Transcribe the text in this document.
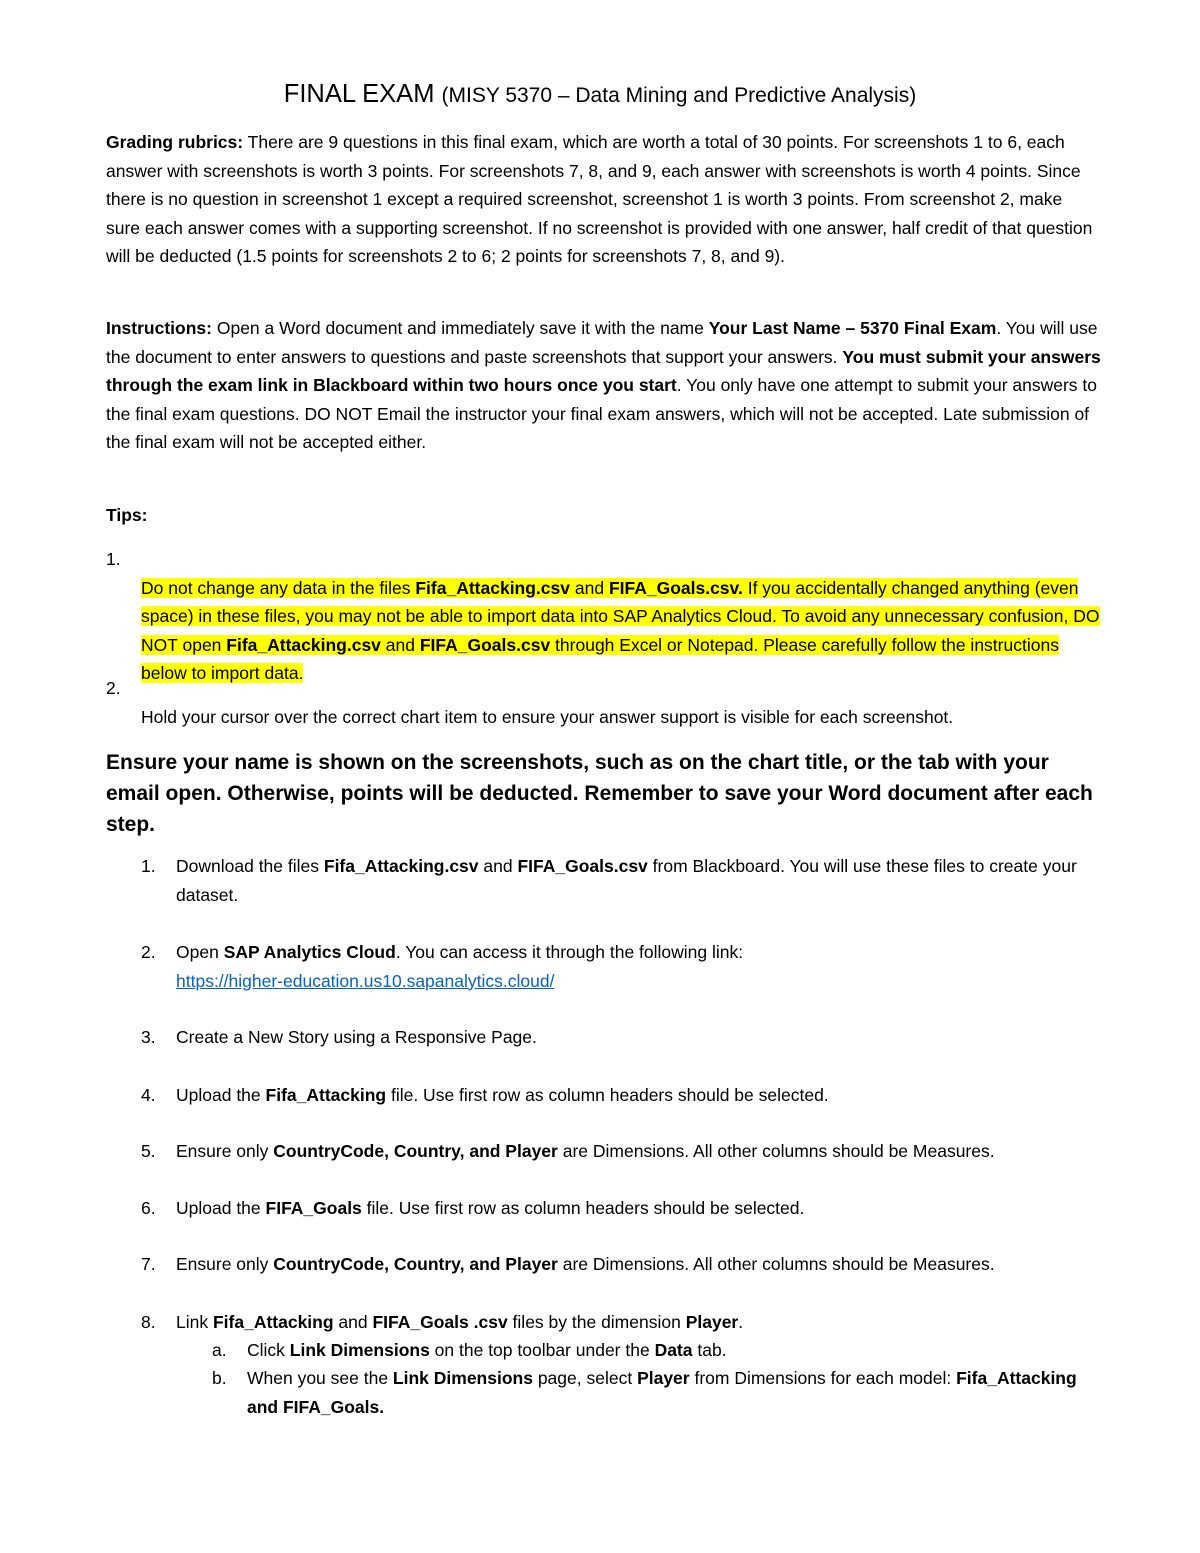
FINAL EXAM (MISY 5370 – Data Mining and Predictive Analysis)
Grading rubrics: There are 9 questions in this final exam, which are worth a total of 30 points. For screenshots 1 to 6, each answer with screenshots is worth 3 points. For screenshots 7, 8, and 9, each answer with screenshots is worth 4 points. Since there is no question in screenshot 1 except a required screenshot, screenshot 1 is worth 3 points. From screenshot 2, make sure each answer comes with a supporting screenshot. If no screenshot is provided with one answer, half credit of that question will be deducted (1.5 points for screenshots 2 to 6; 2 points for screenshots 7, 8, and 9).
Instructions: Open a Word document and immediately save it with the name Your Last Name – 5370 Final Exam. You will use the document to enter answers to questions and paste screenshots that support your answers. You must submit your answers through the exam link in Blackboard within two hours once you start. You only have one attempt to submit your answers to the final exam questions. DO NOT Email the instructor your final exam answers, which will not be accepted. Late submission of the final exam will not be accepted either.
Tips:
1.
Do not change any data in the files Fifa_Attacking.csv and FIFA_Goals.csv. If you accidentally changed anything (even space) in these files, you may not be able to import data into SAP Analytics Cloud. To avoid any unnecessary confusion, DO NOT open Fifa_Attacking.csv and FIFA_Goals.csv through Excel or Notepad. Please carefully follow the instructions below to import data.
2.
Hold your cursor over the correct chart item to ensure your answer support is visible for each screenshot.
Ensure your name is shown on the screenshots, such as on the chart title, or the tab with your email open. Otherwise, points will be deducted. Remember to save your Word document after each step.
1. Download the files Fifa_Attacking.csv and FIFA_Goals.csv from Blackboard. You will use these files to create your dataset.
2. Open SAP Analytics Cloud. You can access it through the following link:
https://higher-education.us10.sapanalytics.cloud/
3. Create a New Story using a Responsive Page.
4. Upload the Fifa_Attacking file. Use first row as column headers should be selected.
5. Ensure only CountryCode, Country, and Player are Dimensions. All other columns should be Measures.
6. Upload the FIFA_Goals file. Use first row as column headers should be selected.
7. Ensure only CountryCode, Country, and Player are Dimensions. All other columns should be Measures.
8. Link Fifa_Attacking and FIFA_Goals .csv files by the dimension Player.
a. Click Link Dimensions on the top toolbar under the Data tab.
b. When you see the Link Dimensions page, select Player from Dimensions for each model: Fifa_Attacking and FIFA_Goals.
